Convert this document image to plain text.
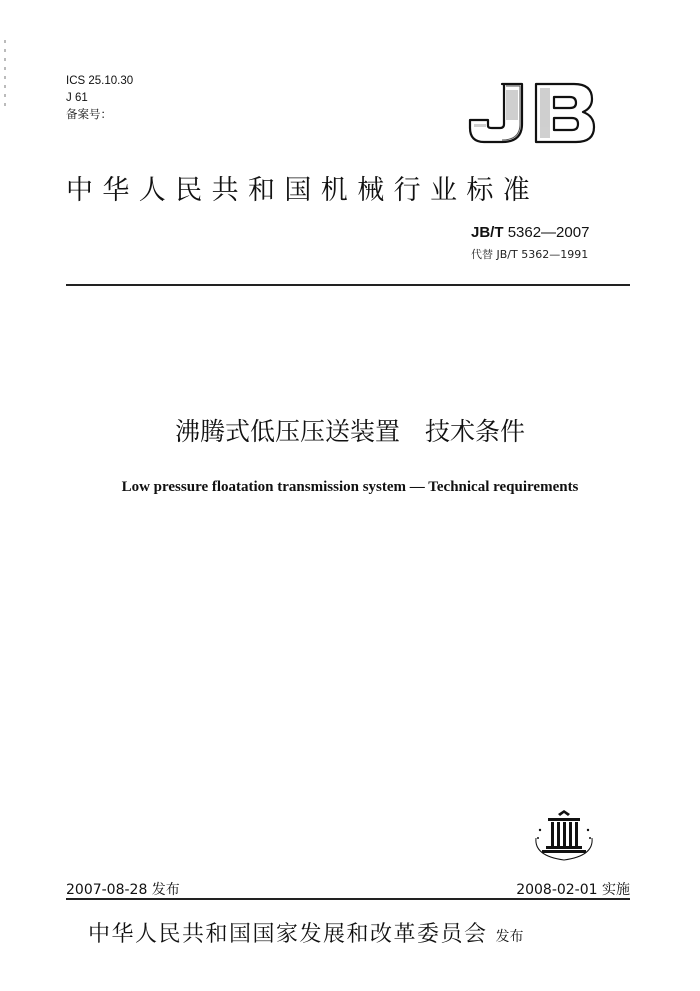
ICS 25.10.30
J 61
备案号：
中华人民共和国机械行业标准
JB/T 5362—2007
代替 JB/T 5362—1991
沸腾式低压压送装置　技术条件
Low pressure floatation transmission system — Technical requirements
2007-08-28 发布	2008-02-01 实施
中华人民共和国国家发展和改革委员会 发布
